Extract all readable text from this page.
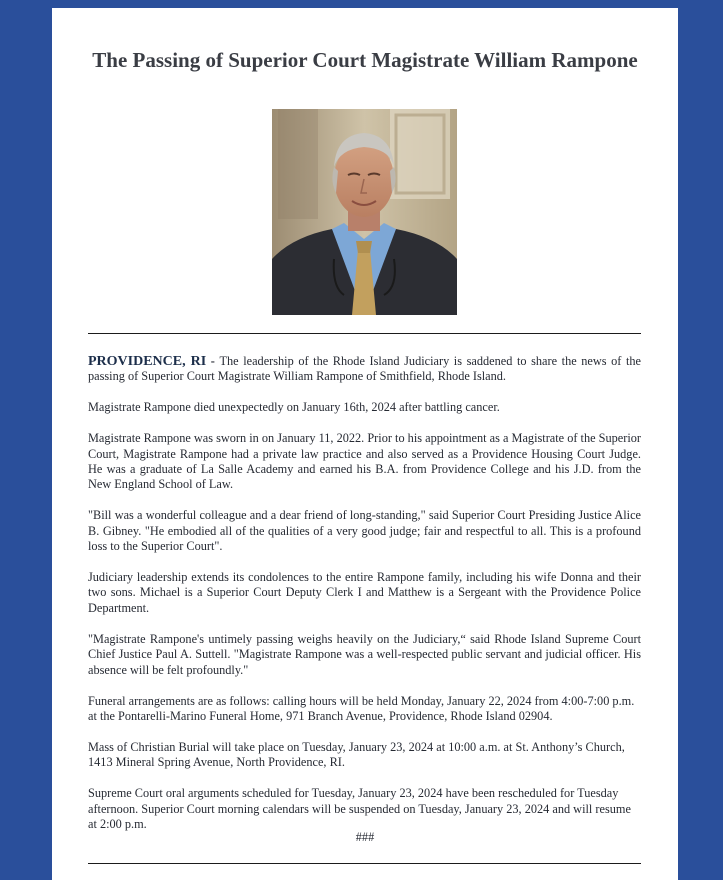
The Passing of Superior Court Magistrate William Rampone

PROVIDENCE, RI - The leadership of the Rhode Island Judiciary is saddened to share the news of the passing of Superior Court Magistrate William Rampone of Smithfield, Rhode Island.

Magistrate Rampone died unexpectedly on January 16th, 2024 after battling cancer.

Magistrate Rampone was sworn in on January 11, 2022. Prior to his appointment as a Magistrate of the Superior Court, Magistrate Rampone had a private law practice and also served as a Providence Housing Court Judge. He was a graduate of La Salle Academy and earned his B.A. from Providence College and his J.D. from the New England School of Law.

"Bill was a wonderful colleague and a dear friend of long-standing," said Superior Court Presiding Justice Alice B. Gibney. "He embodied all of the qualities of a very good judge; fair and respectful to all. This is a profound loss to the Superior Court".

Judiciary leadership extends its condolences to the entire Rampone family, including his wife Donna and their two sons. Michael is a Superior Court Deputy Clerk I and Matthew is a Sergeant with the Providence Police Department.

"Magistrate Rampone's untimely passing weighs heavily on the Judiciary,“ said Rhode Island Supreme Court Chief Justice Paul A. Suttell. "Magistrate Rampone was a well-respected public servant and judicial officer. His absence will be felt profoundly."

Funeral arrangements are as follows: calling hours will be held Monday, January 22, 2024 from 4:00-7:00 p.m. at the Pontarelli-Marino Funeral Home, 971 Branch Avenue, Providence, Rhode Island 02904.

Mass of Christian Burial will take place on Tuesday, January 23, 2024 at 10:00 a.m. at St. Anthony’s Church, 1413 Mineral Spring Avenue, North Providence, RI.

Supreme Court oral arguments scheduled for Tuesday, January 23, 2024 have been rescheduled for Tuesday afternoon. Superior Court morning calendars will be suspended on Tuesday, January 23, 2024 and will resume at 2:00 p.m.

###
